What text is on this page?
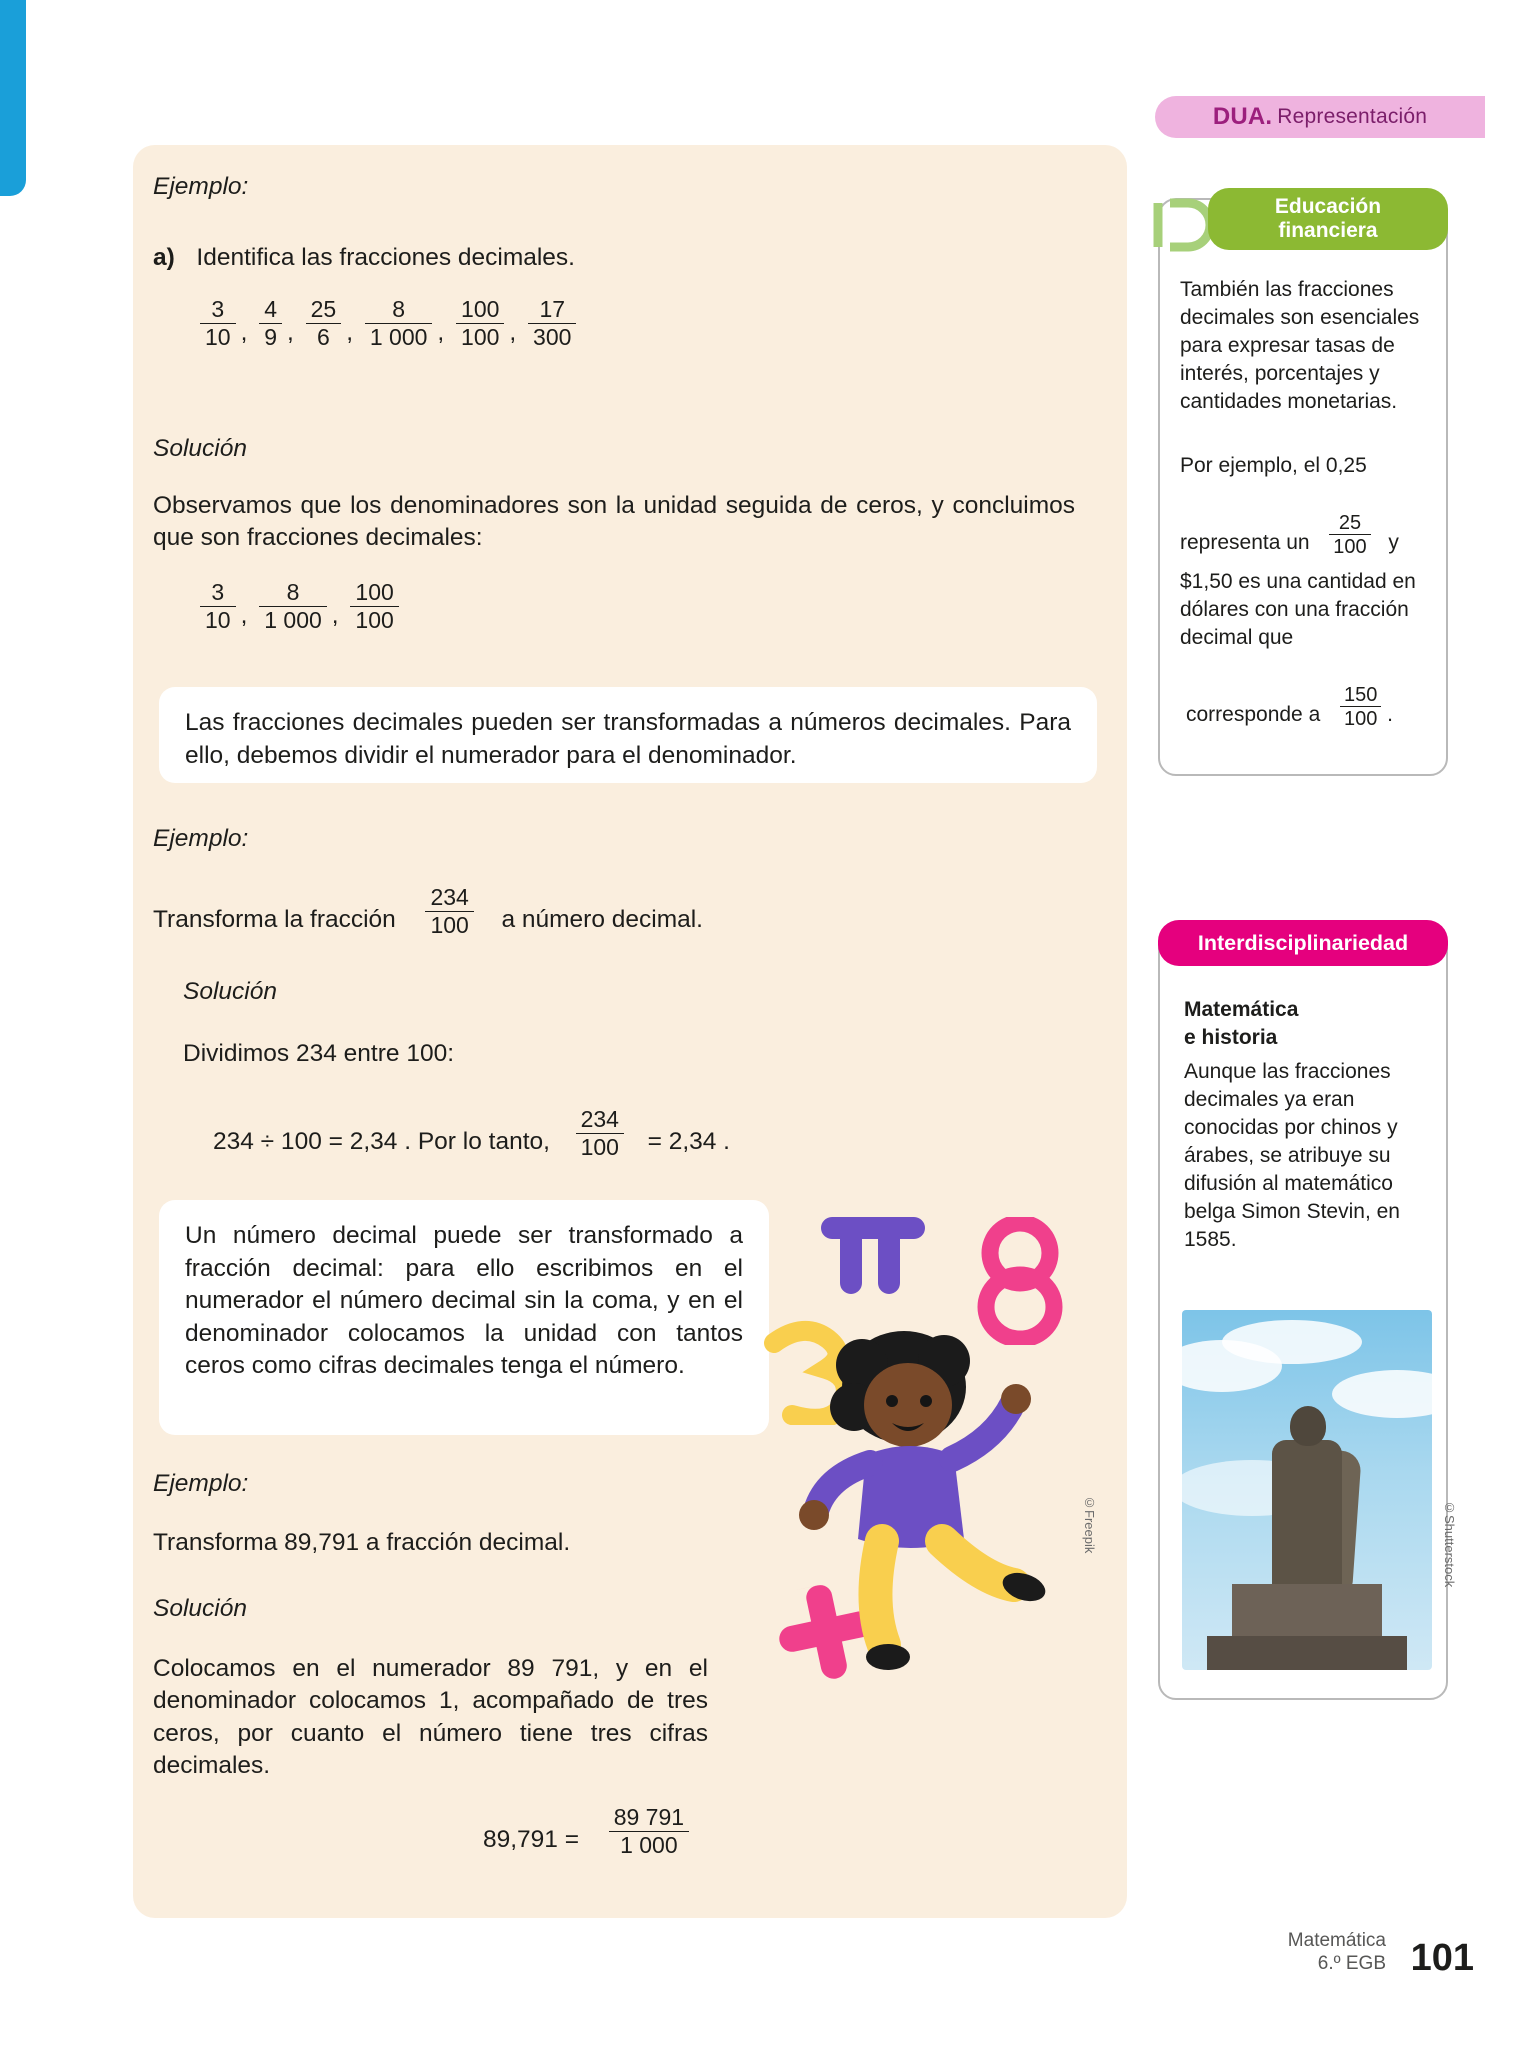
DUA. Representación
Ejemplo:
a) Identifica las fracciones decimales.
$\frac{3}{10}$ , $\frac{4}{9}$ , $\frac{25}{6}$ , $\frac{8}{1 000}$ , $\frac{100}{100}$ , $\frac{17}{300}$
Solución
Observamos que los denominadores son la unidad seguida de ceros, y concluimos que son fracciones decimales:
$\frac{3}{10}$ , $\frac{8}{1 000}$ , $\frac{100}{100}$
Las fracciones decimales pueden ser transformadas a números decimales. Para ello, debemos dividir el numerador para el denominador.
Ejemplo:
Transforma la fracción $\frac{234}{100}$ a número decimal.
Solución
Dividimos 234 entre 100:
234 ÷ 100 = 2,34 . Por lo tanto, $\frac{234}{100} = 2,34$ .
Un número decimal puede ser transformado a fracción decimal: para ello escribimos en el numerador el número decimal sin la coma, y en el denominador colocamos la unidad con tantos ceros como cifras decimales tenga el número.
Ejemplo:
Transforma 89,791 a fracción decimal.
Solución
Colocamos en el numerador 89 791, y en el denominador colocamos 1, acompañado de tres ceros, por cuanto el número tiene tres cifras decimales.
$89,791 = \frac{89 791}{1 000}$
©Freepik
Educación
financiera
También las fracciones decimales son esenciales para expresar tasas de interés, porcentajes y cantidades monetarias.
Por ejemplo, el 0,25
representa un $\frac{25}{100}$ y
$1,50 es una cantidad en dólares con una fracción decimal que
corresponde a $\frac{150}{100}$ .
Interdisciplinariedad
Matemática
e historia
Aunque las fracciones decimales ya eran conocidas por chinos y árabes, se atribuye su difusión al matemático belga Simon Stevin, en 1585.
©Shutterstock
Matemática
6.º EGB 101
